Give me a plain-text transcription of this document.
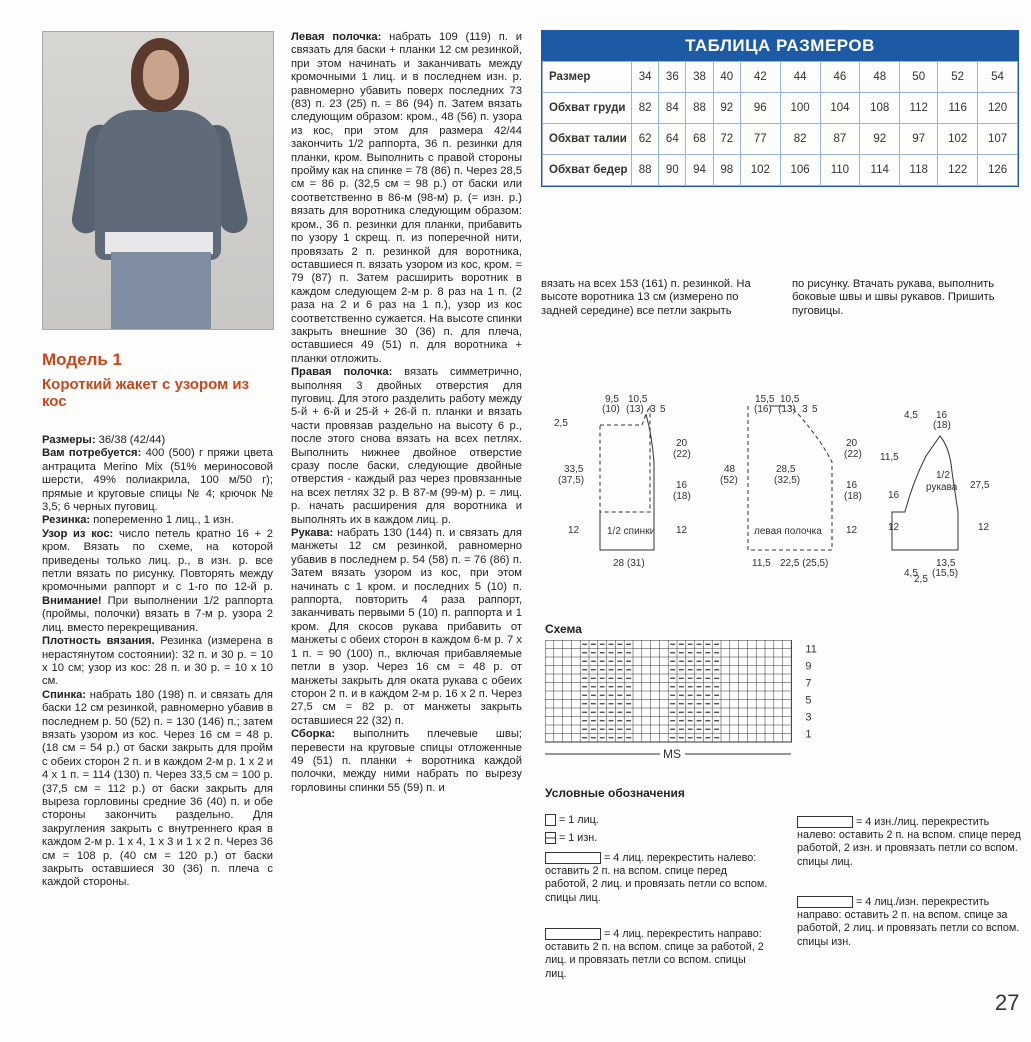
Модель 1
Короткий жакет с узором из кос

Размеры: 36/38 (42/44)

Вам потребуется: 400 (500) г пряжи цвета антрацита Merino Mix (51% мериносовой шерсти, 49% полиакрила, 100 м/50 г); прямые и круговые спицы № 4; крючок № 3,5; 6 черных пуговиц.

Резинка: попеременно 1 лиц., 1 изн.

Узор из кос: число петель кратно 16 + 2 кром. Вязать по схеме, на которой приведены только лиц. р., в изн. р. все петли вязать по рисунку. Повторять между кромочными раппорт и с 1-го по 12-й р. Внимание! При выполнении 1/2 раппорта (проймы, полочки) вязать в 7-м р. узора 2 лиц. вместо перекрещивания.

Плотность вязания. Резинка (измерена в нерастянутом состоянии): 32 п. и 30 р. = 10 х 10 см; узор из кос: 28 п. и 30 р. = 10 х 10 см.

Спинка: набрать 180 (198) п. и связать для баски 12 см резинкой, равномерно убавив в последнем р. 50 (52) п. = 130 (146) п.; затем вязать узором из кос. Через 16 см = 48 р. (18 см = 54 р.) от баски закрыть для пройм с обеих сторон 2 п. и в каждом 2-м р. 1 х 2 и 4 х 1 п. = 114 (130) п. Через 33,5 см = 100 р. (37,5 см = 112 р.) от баски закрыть для выреза горловины средние 36 (40) п. и обе стороны закончить раздельно. Для закругления закрыть с внутреннего края в каждом 2-м р. 1 х 4, 1 х 3 и 1 х 2 п. Через 36 см = 108 р. (40 см = 120 р.) от баски закрыть оставшиеся 30 (36) п. плеча с каждой стороны.

Левая полочка: набрать 109 (119) п. и связать для баски + планки 12 см резинкой, при этом начинать и заканчивать между кромочными 1 лиц. и в последнем изн. р. равномерно убавить поверх последних 73 (83) п. 23 (25) п. = 86 (94) п. Затем вязать следующим образом: кром., 48 (56) п. узора из кос, при этом для размера 42/44 закончить 1/2 раппорта, 36 п. резинки для планки, кром. Выполнить с правой стороны пройму как на спинке = 78 (86) п. Через 28,5 см = 86 р. (32,5 см = 98 р.) от баски или соответственно в 86-м (98-м) р. (= изн. р.) вязать для воротника следующим образом: кром., 36 п. резинки для планки, прибавить по узору 1 скрещ. п. из поперечной нити, провязать 2 п. резинкой для воротника, оставшиеся п. вязать узором из кос, кром. = 79 (87) п. Затем расширить воротник в каждом следующем 2-м р. 8 раз на 1 п. (2 раза на 2 и 6 раз на 1 п.), узор из кос соответственно сужается. На высоте спинки закрыть внешние 30 (36) п. для плеча, оставшиеся 49 (51) п. для воротника + планки отложить.

Правая полочка: вязать симметрично, выполняя 3 двойных отверстия для пуговиц. Для этого разделить работу между 5-й + 6-й и 25-й + 26-й п. планки и вязать части провязав раздельно на высоту 6 р., после этого снова вязать на всех петлях. Выполнить нижнее двойное отверстие сразу после баски, следующие двойные отверстия - каждый раз через провязанные на всех петлях 32 р. В 87-м (99-м) р. = лиц. р. начать расширения для воротника и выполнять их в каждом лиц. р.

Рукава: набрать 130 (144) п. и связать для манжеты 12 см резинкой, равномерно убавив в последнем р. 54 (58) п. = 76 (86) п. Затем вязать узором из кос, при этом начинать с 1 кром. и последних 5 (10) п. раппорта, повторить 4 раза раппорт, заканчивать первыми 5 (10) п. раппорта и 1 кром. Для скосов рукава прибавить от манжеты с обеих сторон в каждом 6-м р. 7 х 1 п. = 90 (100) п., включая прибавляемые петли в узор. Через 16 см = 48 р. от манжеты закрыть для оката рукава с обеих сторон 2 п. и в каждом 2-м р. 16 х 2 п. Через 27,5 см = 82 р. от манжеты закрыть оставшиеся 22 (32) п.

Сборка: выполнить плечевые швы; перевести на круговые спицы отложенные 49 (51) п. планки + воротника каждой полочки, между ними набрать по вырезу горловины спинки 55 (59) п. и

ТАБЛИЦА РАЗМЕРОВ
Размер	34	36	38	40	42	44	46	48	50	52	54
Обхват груди	82	84	88	92	96	100	104	108	112	116	120
Обхват талии	62	64	68	72	77	82	87	92	97	102	107
Обхват бедер	88	90	94	98	102	106	110	114	118	122	126
вязать на всех 153 (161) п. резинкой. На высоте воротника 13 см (измерено по задней середине) все петли закрыть
по рисунку. Втачать рукава, выполнить боковые швы и швы рукавов. Пришить пуговицы.
9,5
(10)
10,5
(13) 3 5
2,5
33,5
(37,5)
12	1/2 спинки
20
(22)
16
(18)
12
28 (31)
15,5
(16)
10,5
(13) 3 5
48
(52)
28,5
(32,5)
левая полочка
20
(22)
16
(18)
12
11,5 22,5 (25,5)
4,5 16
(18)
11,5
16
12
1/2
рукава 27,5
12
4,5
2,5
13,5
(15,5)
Схема
11
9
7
5
3
1
MS
Условные обозначения
= 1 лиц.
= 1 изн.
= 4 лиц. перекрестить налево: оставить 2 п. на вспом. спице перед работой, 2 лиц. и провязать петли со вспом. спицы лиц.
= 4 лиц. перекрестить направо: оставить 2 п. на вспом. спице за работой, 2 лиц. и провязать петли со вспом. спицы лиц.
= 4 изн./лиц. перекрестить налево: оставить 2 п. на вспом. спице перед работой, 2 изн. и провязать петли со вспом. спицы лиц.
= 4 лиц./изн. перекрестить направо: оставить 2 п. на вспом. спице за работой, 2 лиц. и провязать петли со вспом. спицы изн.
27
